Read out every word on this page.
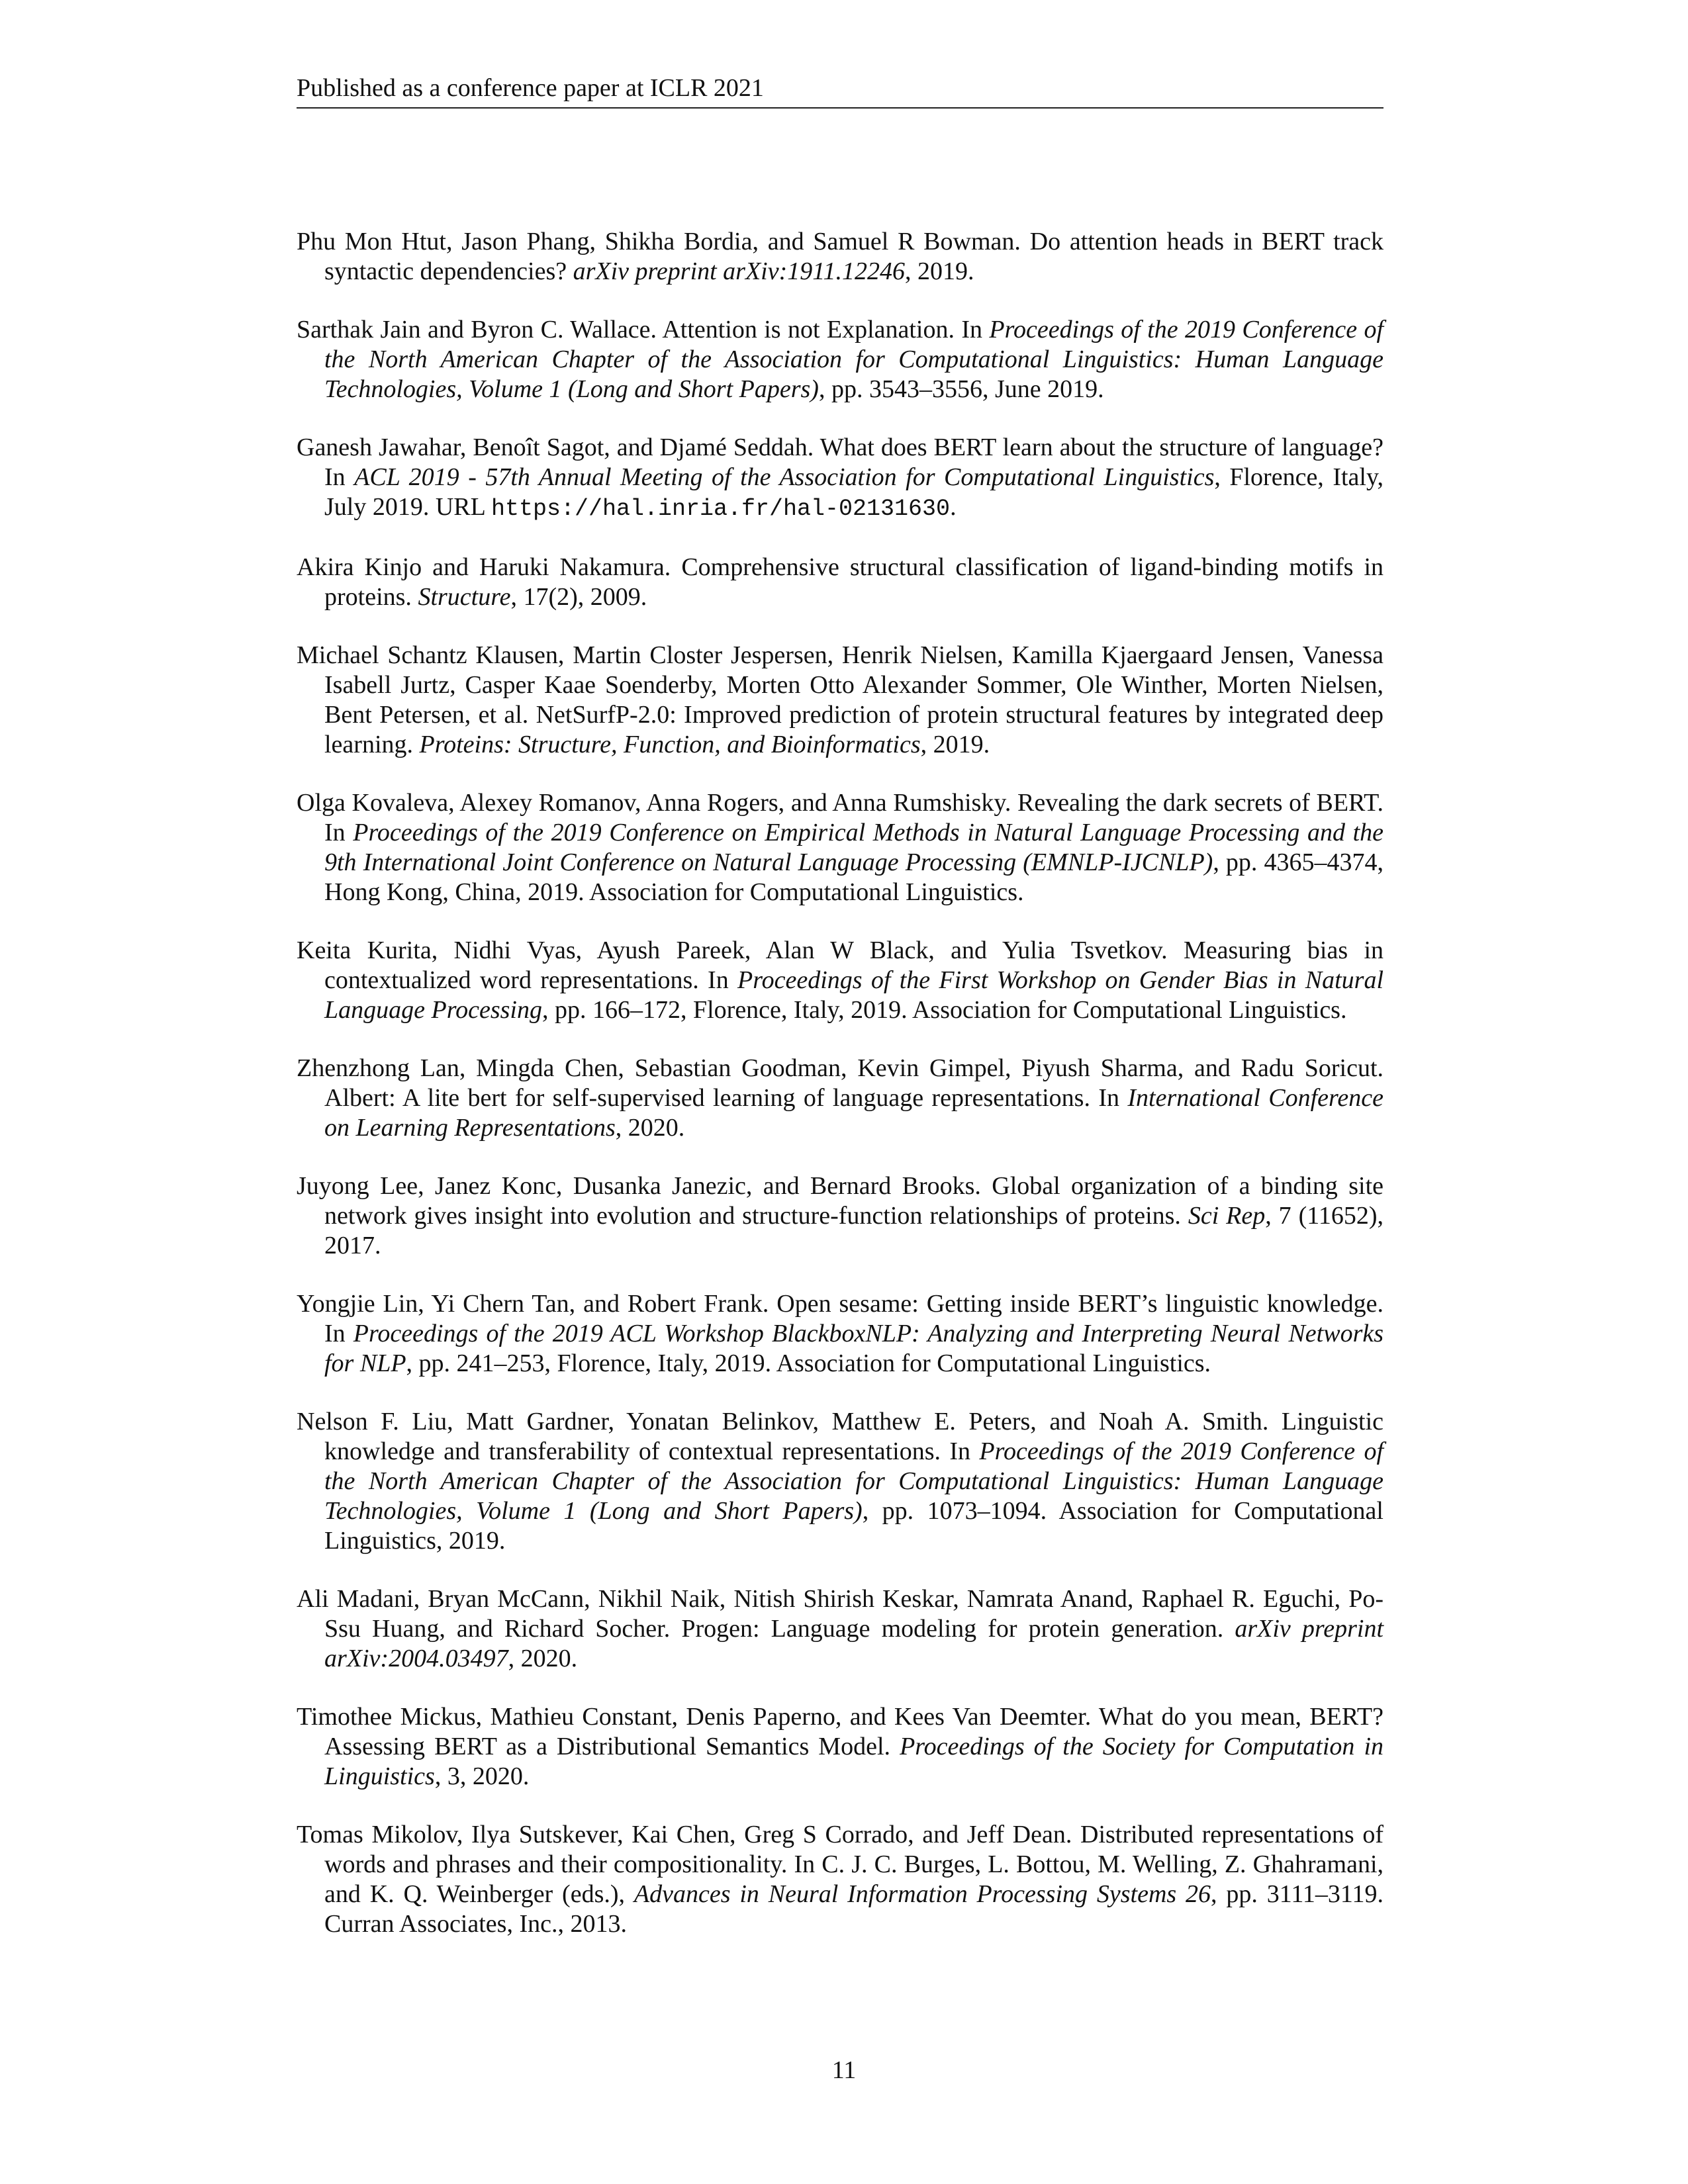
Published as a conference paper at ICLR 2021

Phu Mon Htut, Jason Phang, Shikha Bordia, and Samuel R Bowman. Do attention heads in BERT track syntactic dependencies? arXiv preprint arXiv:1911.12246, 2019.

Sarthak Jain and Byron C. Wallace. Attention is not Explanation. In Proceedings of the 2019 Conference of the North American Chapter of the Association for Computational Linguistics: Human Language Technologies, Volume 1 (Long and Short Papers), pp. 3543–3556, June 2019.

Ganesh Jawahar, Benoît Sagot, and Djamé Seddah. What does BERT learn about the structure of language? In ACL 2019 - 57th Annual Meeting of the Association for Computational Linguistics, Florence, Italy, July 2019. URL https://hal.inria.fr/hal-02131630.

Akira Kinjo and Haruki Nakamura. Comprehensive structural classification of ligand-binding motifs in proteins. Structure, 17(2), 2009.

Michael Schantz Klausen, Martin Closter Jespersen, Henrik Nielsen, Kamilla Kjaergaard Jensen, Vanessa Isabell Jurtz, Casper Kaae Soenderby, Morten Otto Alexander Sommer, Ole Winther, Morten Nielsen, Bent Petersen, et al. NetSurfP-2.0: Improved prediction of protein structural features by integrated deep learning. Proteins: Structure, Function, and Bioinformatics, 2019.

Olga Kovaleva, Alexey Romanov, Anna Rogers, and Anna Rumshisky. Revealing the dark secrets of BERT. In Proceedings of the 2019 Conference on Empirical Methods in Natural Language Processing and the 9th International Joint Conference on Natural Language Processing (EMNLP-IJCNLP), pp. 4365–4374, Hong Kong, China, 2019. Association for Computational Linguistics.

Keita Kurita, Nidhi Vyas, Ayush Pareek, Alan W Black, and Yulia Tsvetkov. Measuring bias in contextualized word representations. In Proceedings of the First Workshop on Gender Bias in Natural Language Processing, pp. 166–172, Florence, Italy, 2019. Association for Computational Linguistics.

Zhenzhong Lan, Mingda Chen, Sebastian Goodman, Kevin Gimpel, Piyush Sharma, and Radu Soricut. Albert: A lite bert for self-supervised learning of language representations. In International Conference on Learning Representations, 2020.

Juyong Lee, Janez Konc, Dusanka Janezic, and Bernard Brooks. Global organization of a binding site network gives insight into evolution and structure-function relationships of proteins. Sci Rep, 7 (11652), 2017.

Yongjie Lin, Yi Chern Tan, and Robert Frank. Open sesame: Getting inside BERT’s linguistic knowledge. In Proceedings of the 2019 ACL Workshop BlackboxNLP: Analyzing and Interpreting Neural Networks for NLP, pp. 241–253, Florence, Italy, 2019. Association for Computational Linguistics.

Nelson F. Liu, Matt Gardner, Yonatan Belinkov, Matthew E. Peters, and Noah A. Smith. Linguistic knowledge and transferability of contextual representations. In Proceedings of the 2019 Conference of the North American Chapter of the Association for Computational Linguistics: Human Language Technologies, Volume 1 (Long and Short Papers), pp. 1073–1094. Association for Computational Linguistics, 2019.

Ali Madani, Bryan McCann, Nikhil Naik, Nitish Shirish Keskar, Namrata Anand, Raphael R. Eguchi, Po-Ssu Huang, and Richard Socher. Progen: Language modeling for protein generation. arXiv preprint arXiv:2004.03497, 2020.

Timothee Mickus, Mathieu Constant, Denis Paperno, and Kees Van Deemter. What do you mean, BERT? Assessing BERT as a Distributional Semantics Model. Proceedings of the Society for Computation in Linguistics, 3, 2020.

Tomas Mikolov, Ilya Sutskever, Kai Chen, Greg S Corrado, and Jeff Dean. Distributed representations of words and phrases and their compositionality. In C. J. C. Burges, L. Bottou, M. Welling, Z. Ghahramani, and K. Q. Weinberger (eds.), Advances in Neural Information Processing Systems 26, pp. 3111–3119. Curran Associates, Inc., 2013.

11
